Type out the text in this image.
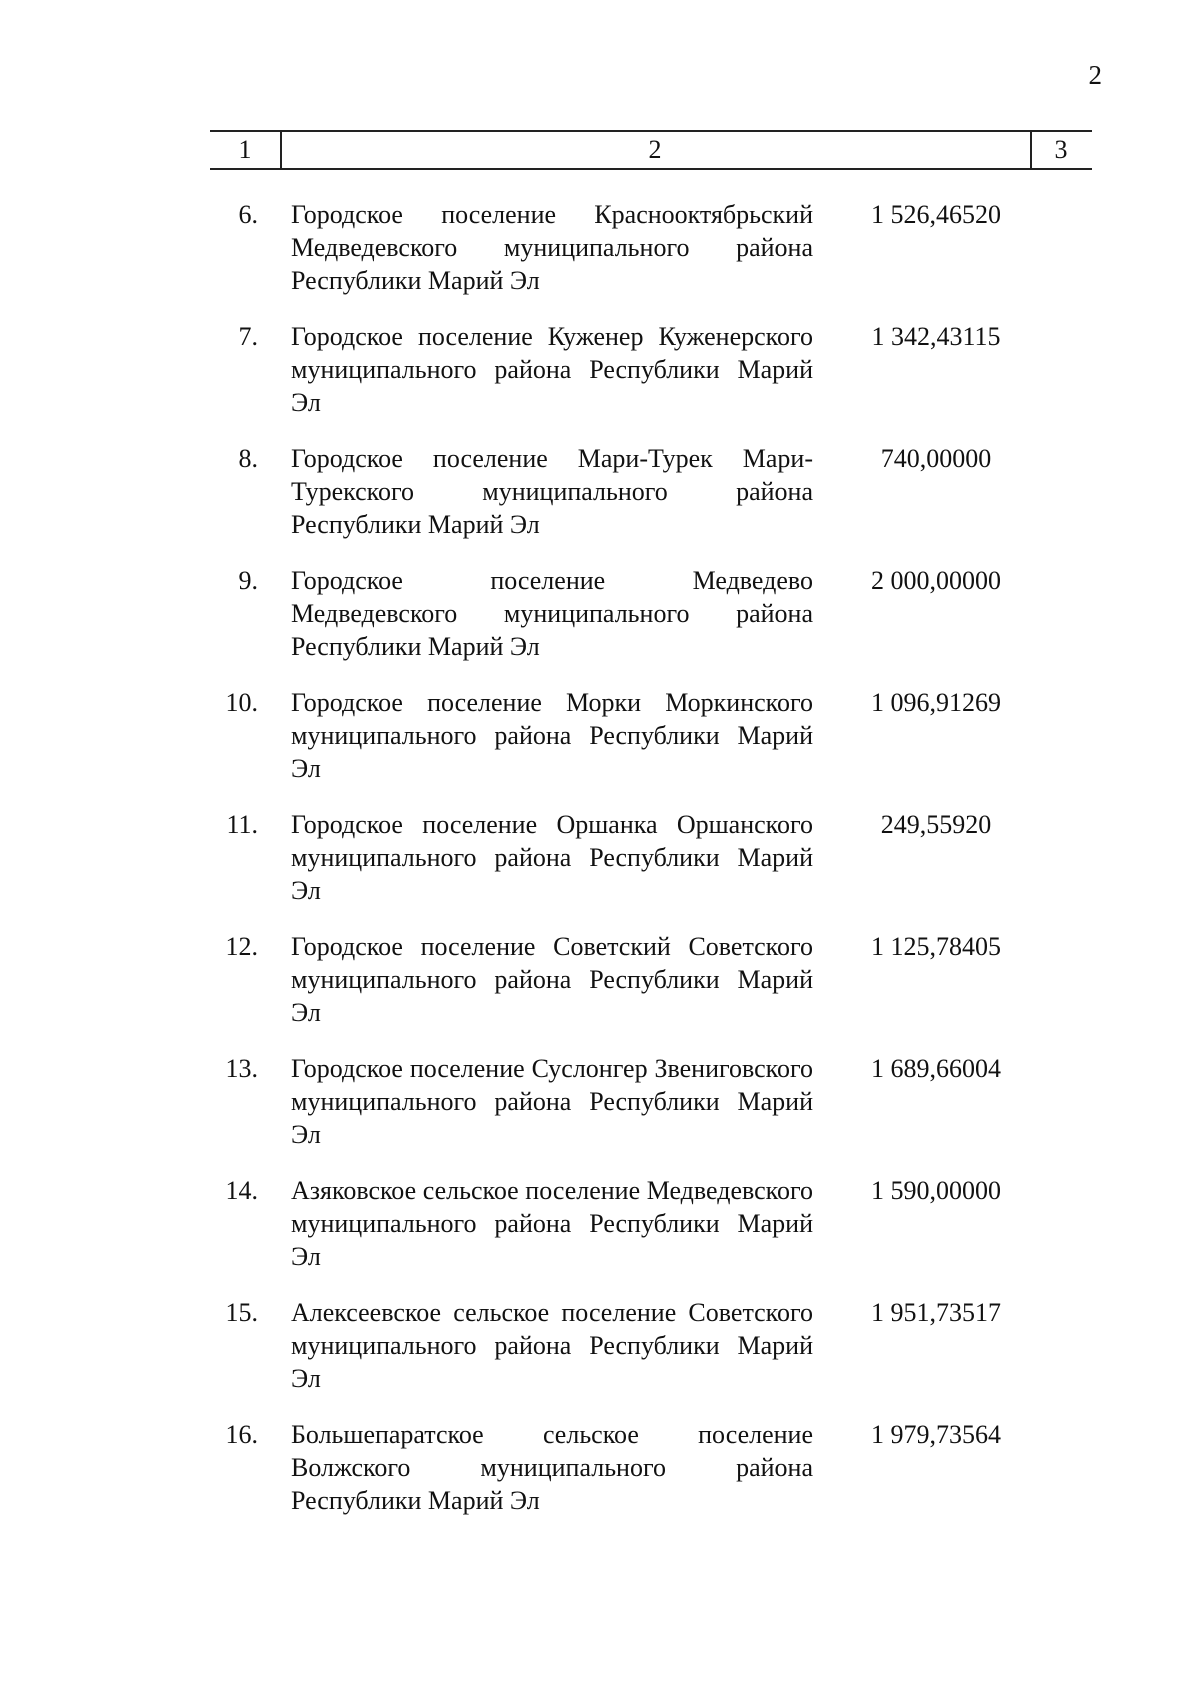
2
1	2	3
6. Городское поселение Красноoктябрьский Медведевского муниципального района Республики Марий Эл
1 526,46520
7. Городское поселение Куженер Куженерского муниципального района Республики Марий Эл
1 342,43115
8. Городское поселение Мари-Турек Мари-Турекского муниципального района Республики Марий Эл
740,00000
9. Городское поселение Медведево Медведевского муниципального района Республики Марий Эл
2 000,00000
10. Городское поселение Морки Моркинского муниципального района Республики Марий Эл
1 096,91269
11. Городское поселение Оршанка Оршанского муниципального района Республики Марий Эл
249,55920
12. Городское поселение Советский Советского муниципального района Республики Марий Эл
1 125,78405
13. Городское поселение Суслонгер Звениговского муниципального района Республики Марий Эл
1 689,66004
14. Азяковское сельское поселение Медведевского муниципального района Республики Марий Эл
1 590,00000
15. Алексеевское сельское поселение Советского муниципального района Республики Марий Эл
1 951,73517
16. Большепаратское сельское поселение Волжского муниципального района Республики Марий Эл
1 979,73564
